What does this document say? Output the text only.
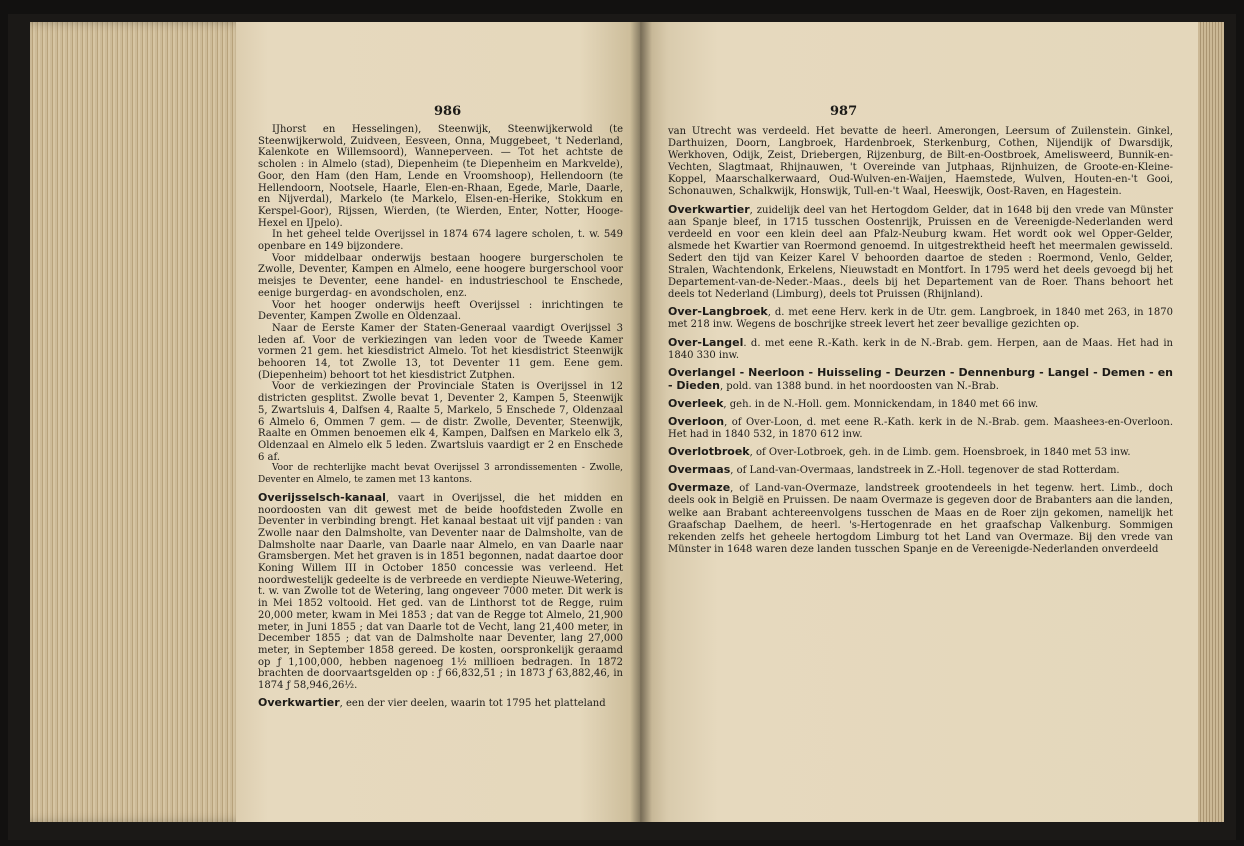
986

IJhorst en Hesselingen), Steenwijk, Steenwijkerwold (te Steenwijkerwold, Zuidveen, Eesveen, Onna, Muggebeet, 't Nederland, Kalenkote en Willemsoord), Wanneperveen. — Tot het achtste de scholen : in Almelo (stad), Diepenheim (te Diepenheim en Markvelde), Goor, den Ham (den Ham, Lende en Vroomshoop), Hellendoorn (te Hellendoorn, Nootsele, Haarle, Elen-en-Rhaan, Egede, Marle, Daarle, en Nijverdal), Markelo (te Markelo, Elsen-en-Herike, Stokkum en Kerspel-Goor), Rijssen, Wierden, (te Wierden, Enter, Notter, Hooge-Hexel en IJpelo).

In het geheel telde Overijssel in 1874 674 lagere scholen, t. w. 549 openbare en 149 bijzondere.

Voor middelbaar onderwijs bestaan hoogere burgerscholen te Zwolle, Deventer, Kampen en Almelo, eene hoogere burgerschool voor meisjes te Deventer, eene handel- en industrieschool te Enschede, eenige burgerdag- en avondscholen, enz.

Voor het hooger onderwijs heeft Overijssel : inrichtingen te Deventer, Kampen Zwolle en Oldenzaal.

Naar de Eerste Kamer der Staten-Generaal vaardigt Overijssel 3 leden af. Voor de verkiezingen van leden voor de Tweede Kamer vormen 21 gem. het kiesdistrict Almelo. Tot het kiesdistrict Steenwijk behooren 14, tot Zwolle 13, tot Deventer 11 gem. Eene gem. (Diepenheim) behoort tot het kiesdistrict Zutphen.

Voor de verkiezingen der Provinciale Staten is Overijssel in 12 districten gesplitst. Zwolle bevat 1, Deventer 2, Kampen 5, Steenwijk 5, Zwartsluis 4, Dalfsen 4, Raalte 5, Markelo, 5 Enschede 7, Oldenzaal 6 Almelo 6, Ommen 7 gem. — de distr. Zwolle, Deventer, Steenwijk, Raalte en Ommen benoemen elk 4, Kampen, Dalfsen en Markelo elk 3, Oldenzaal en Almelo elk 5 leden. Zwartsluis vaardigt er 2 en Enschede 6 af.

Voor de rechterlijke macht bevat Overijssel 3 arrondissementen - Zwolle, Deventer en Almelo, te zamen met 13 kantons.

Overijsselsch-kanaal, vaart in Overijssel, die het midden en noordoosten van dit gewest met de beide hoofdsteden Zwolle en Deventer in verbinding brengt. Het kanaal bestaat uit vijf panden : van Zwolle naar den Dalmsholte, van Deventer naar de Dalmsholte, van de Dalmsholte naar Daarle, van Daarle naar Almelo, en van Daarle naar Gramsbergen. Met het graven is in 1851 begonnen, nadat daartoe door Koning Willem III in October 1850 concessie was verleend. Het noordwestelijk gedeelte is de verbreede en verdiepte Nieuwe-Wetering, t. w. van Zwolle tot de Wetering, lang ongeveer 7000 meter. Dit werk is in Mei 1852 voltooid. Het ged. van de Linthorst tot de Regge, ruim 20,000 meter, kwam in Mei 1853 ; dat van de Regge tot Almelo, 21,900 meter, in Juni 1855 ; dat van Daarle tot de Vecht, lang 21,400 meter, in December 1855 ; dat van de Dalmsholte naar Deventer, lang 27,000 meter, in September 1858 gereed. De kosten, oorspronkelijk geraamd op ƒ 1,100,000, hebben nagenoeg 1½ millioen bedragen. In 1872 brachten de doorvaartsgelden op : ƒ 66,832,51 ; in 1873 ƒ 63,882,46, in 1874 ƒ 58,946,26½.

Overkwartier, een der vier deelen, waarin tot 1795 het platteland

987

van Utrecht was verdeeld. Het bevatte de heerl. Amerongen, Leersum of Zuilenstein. Ginkel, Darthuizen, Doorn, Langbroek, Hardenbroek, Sterkenburg, Cothen, Nijendijk of Dwarsdijk, Werkhoven, Odijk, Zeist, Driebergen, Rijzenburg, de Bilt-en-Oostbroek, Amelisweerd, Bunnik-en-Vechten, Slagtmaat, Rhijnauwen, 't Overeinde van Jutphaas, Rijnhuizen, de Groote-en-Kleine-Koppel, Maarschalkerwaard, Oud-Wulven-en-Waijen, Haemstede, Wulven, Houten-en-'t Gooi, Schonauwen, Schalkwijk, Honswijk, Tull-en-'t Waal, Heeswijk, Oost-Raven, en Hagestein.

Overkwartier, zuidelijk deel van het Hertogdom Gelder, dat in 1648 bij den vrede van Münster aan Spanje bleef, in 1715 tusschen Oostenrijk, Pruissen en de Vereenigde-Nederlanden werd verdeeld en voor een klein deel aan Pfalz-Neuburg kwam. Het wordt ook wel Opper-Gelder, alsmede het Kwartier van Roermond genoemd. In uitgestrektheid heeft het meermalen gewisseld. Sedert den tijd van Keizer Karel V behoorden daartoe de steden : Roermond, Venlo, Gelder, Stralen, Wachtendonk, Erkelens, Nieuwstadt en Montfort. In 1795 werd het deels gevoegd bij het Departement-van-de-Neder.-Maas., deels bij het Departement van de Roer. Thans behoort het deels tot Nederland (Limburg), deels tot Pruissen (Rhijnland).

Over-Langbroek, d. met eene Herv. kerk in de Utr. gem. Langbroek, in 1840 met 263, in 1870 met 218 inw. Wegens de boschrijke streek levert het zeer bevallige gezichten op.

Over-Langel. d. met eene R.-Kath. kerk in de N.-Brab. gem. Herpen, aan de Maas. Het had in 1840 330 inw.

Overlangel - Neerloon - Huisseling - Deurzen - Dennenburg - Langel - Demen - en - Dieden, pold. van 1388 bund. in het noordoosten van N.-Brab.

Overleek, geh. in de N.-Holl. gem. Monnickendam, in 1840 met 66 inw.

Overloon, of Over-Loon, d. met eene R.-Kath. kerk in de N.-Brab. gem. Maasheeз-en-Overloon. Het had in 1840 532, in 1870 612 inw.

Overlotbroek, of Over-Lotbroek, geh. in de Limb. gem. Hoensbroek, in 1840 met 53 inw.

Overmaas, of Land-van-Overmaas, landstreek in Z.-Holl. tegenover de stad Rotterdam.

Overmaze, of Land-van-Overmaze, landstreek grootendeels in het tegenw. hert. Limb., doch deels ook in België en Pruissen. De naam Overmaze is gegeven door de Brabanters aan die landen, welke aan Brabant achtereenvolgens tusschen de Maas en de Roer zijn gekomen, namelijk het Graafschap Daelhem, de heerl. 's-Hertogenrade en het graafschap Valkenburg. Sommigen rekenden zelfs het geheele hertogdom Limburg tot het Land van Overmaze. Bij den vrede van Münster in 1648 waren deze landen tusschen Spanje en de Vereenigde-Nederlanden onverdeeld
